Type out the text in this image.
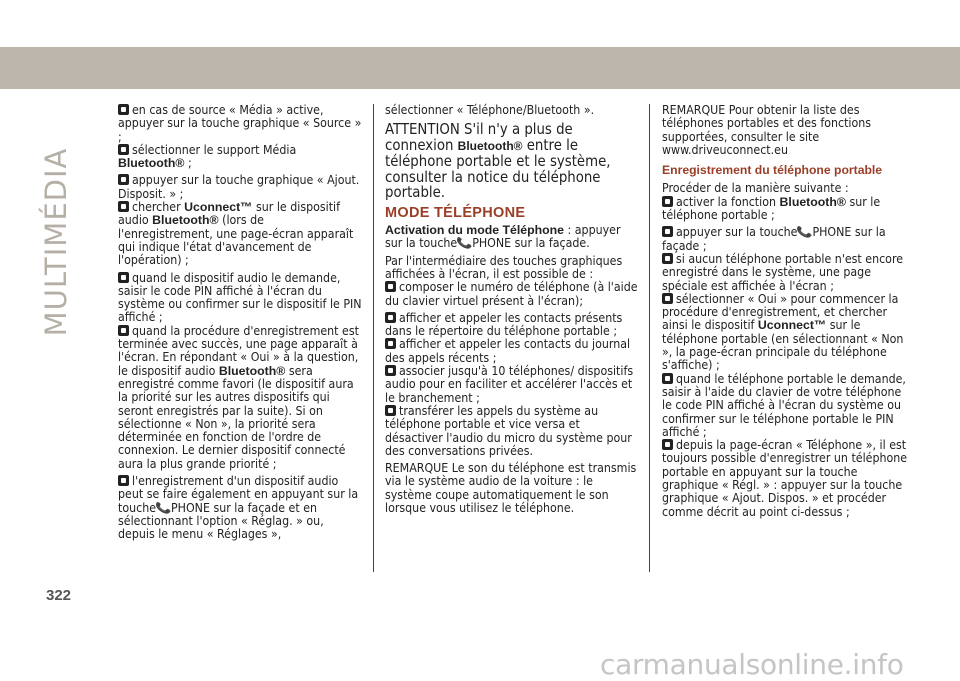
MULTIMÉDIA
en cas de source « Média » active, appuyer sur la touche graphique « Source » ;
sélectionner le support Média Bluetooth® ;
appuyer sur la touche graphique « Ajout. Disposit. » ;
chercher Uconnect™ sur le dispositif audio Bluetooth® (lors de l'enregistrement, une page-écran apparaît qui indique l'état d'avancement de l'opération) ;
quand le dispositif audio le demande, saisir le code PIN affiché à l'écran du système ou confirmer sur le dispositif le PIN affiché ;
quand la procédure d'enregistrement est terminée avec succès, une page apparaît à l'écran. En répondant « Oui » à la question, le dispositif audio Bluetooth® sera enregistré comme favori (le dispositif aura la priorité sur les autres dispositifs qui seront enregistrés par la suite). Si on sélectionne « Non », la priorité sera déterminée en fonction de l'ordre de connexion. Le dernier dispositif connecté aura la plus grande priorité ;
l'enregistrement d'un dispositif audio peut se faire également en appuyant sur la touche📞PHONE sur la façade et en sélectionnant l'option « Réglag. » ou, depuis le menu « Réglages »,
sélectionner « Téléphone/Bluetooth ».
ATTENTION S'il n'y a plus de connexion Bluetooth® entre le téléphone portable et le système, consulter la notice du téléphone portable.
MODE TÉLÉPHONE
Activation du mode Téléphone : appuyer sur la touche📞PHONE sur la façade.
Par l'intermédiaire des touches graphiques affichées à l'écran, il est possible de :
composer le numéro de téléphone (à l'aide du clavier virtuel présent à l'écran);
afficher et appeler les contacts présents dans le répertoire du téléphone portable ;
afficher et appeler les contacts du journal des appels récents ;
associer jusqu'à 10 téléphones/ dispositifs audio pour en faciliter et accélérer l'accès et le branchement ;
transférer les appels du système au téléphone portable et vice versa et désactiver l'audio du micro du système pour des conversations privées.
REMARQUE Le son du téléphone est transmis via le système audio de la voiture : le système coupe automatiquement le son lorsque vous utilisez le téléphone.
REMARQUE Pour obtenir la liste des téléphones portables et des fonctions supportées, consulter le site www.driveuconnect.eu
Enregistrement du téléphone portable
Procéder de la manière suivante :
activer la fonction Bluetooth® sur le téléphone portable ;
appuyer sur la touche📞PHONE sur la façade ;
si aucun téléphone portable n'est encore enregistré dans le système, une page spéciale est affichée à l'écran ;
sélectionner « Oui » pour commencer la procédure d'enregistrement, et chercher ainsi le dispositif Uconnect™ sur le téléphone portable (en sélectionnant « Non », la page-écran principale du téléphone s'affiche) ;
quand le téléphone portable le demande, saisir à l'aide du clavier de votre téléphone le code PIN affiché à l'écran du système ou confirmer sur le téléphone portable le PIN affiché ;
depuis la page-écran « Téléphone », il est toujours possible d'enregistrer un téléphone portable en appuyant sur la touche graphique « Régl. » : appuyer sur la touche graphique « Ajout. Dispos. » et procéder comme décrit au point ci-dessus ;
322
carmanualsonline.info
